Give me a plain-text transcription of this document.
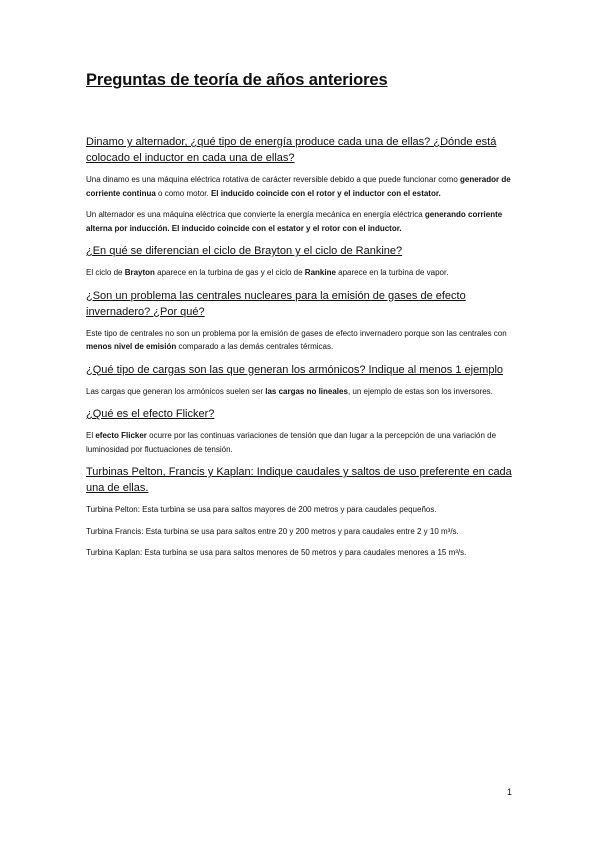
Preguntas de teoría de años anteriores
Dinamo y alternador, ¿qué tipo de energía produce cada una de ellas? ¿Dónde está colocado el inductor en cada una de ellas?
Una dinamo es una máquina eléctrica rotativa de carácter reversible debido a que puede funcionar como generador de corriente continua o como motor. El inducido coincide con el rotor y el inductor con el estator.
Un alternador es una máquina eléctrica que convierte la energía mecánica en energía eléctrica generando corriente alterna por inducción. El inducido coincide con el estator y el rotor con el inductor.
¿En qué se diferencian el ciclo de Brayton y el ciclo de Rankine?
El ciclo de Brayton aparece en la turbina de gas y el ciclo de Rankine aparece en la turbina de vapor.
¿Son un problema las centrales nucleares para la emisión de gases de efecto invernadero? ¿Por qué?
Este tipo de centrales no son un problema por la emisión de gases de efecto invernadero porque son las centrales con menos nivel de emisión comparado a las demás centrales térmicas.
¿Qué tipo de cargas son las que generan los armónicos? Indique al menos 1 ejemplo
Las cargas que generan los armónicos suelen ser las cargas no lineales, un ejemplo de estas son los inversores.
¿Qué es el efecto Flicker?
El efecto Flicker ocurre por las continuas variaciones de tensión que dan lugar a la percepción de una variación de luminosidad por fluctuaciones de tensión.
Turbinas Pelton, Francis y Kaplan: Indique caudales y saltos de uso preferente en cada una de ellas.
Turbina Pelton: Esta turbina se usa para saltos mayores de 200 metros y para caudales pequeños.
Turbina Francis: Esta turbina se usa para saltos entre 20 y 200 metros y para caudales entre 2 y 10 m³/s.
Turbina Kaplan: Esta turbina se usa para saltos menores de 50 metros y para caudales menores a 15 m³/s.
1
